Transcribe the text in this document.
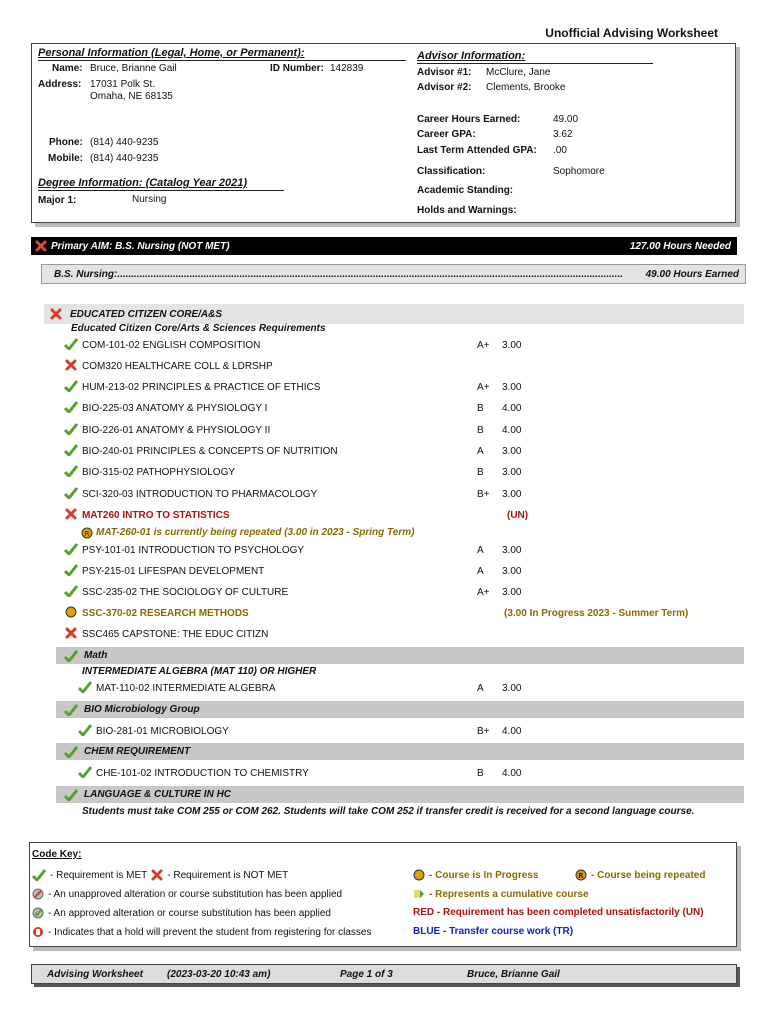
Unofficial Advising Worksheet
Personal Information (Legal, Home, or Permanent):
Name: Bruce, Brianne Gail	ID Number: 142839
Address: 17031 Polk St.
Omaha, NE 68135
Phone: (814) 440-9235
Mobile: (814) 440-9235
Degree Information: (Catalog Year 2021)
Major 1:	Nursing
Advisor Information:
Advisor #1: McClure, Jane
Advisor #2: Clements, Brooke
Career Hours Earned:	49.00
Career GPA:	3.62
Last Term Attended GPA: .00
Classification:	Sophomore
Academic Standing:
Holds and Warnings:
Primary AIM: B.S. Nursing (NOT MET)	127.00 Hours Needed
B.S. Nursing: ......................................................................................................................................................................................	49.00 Hours Earned
EDUCATED CITIZEN CORE/A&S
Educated Citizen Core/Arts & Sciences Requirements
COM-101-02 ENGLISH COMPOSITION	A+ 3.00
COM320 HEALTHCARE COLL & LDRSHP
HUM-213-02 PRINCIPLES & PRACTICE OF ETHICS	A+ 3.00
BIO-225-03 ANATOMY & PHYSIOLOGY I	B 4.00
BIO-226-01 ANATOMY & PHYSIOLOGY II	B 4.00
BIO-240-01 PRINCIPLES & CONCEPTS OF NUTRITION	A 3.00
BIO-315-02 PATHOPHYSIOLOGY	B 3.00
SCI-320-03 INTRODUCTION TO PHARMACOLOGY	B+ 3.00
MAT260 INTRO TO STATISTICS	(UN)
R MAT-260-01 is currently being repeated (3.00 in 2023 - Spring Term)
PSY-101-01 INTRODUCTION TO PSYCHOLOGY	A 3.00
PSY-215-01 LIFESPAN DEVELOPMENT	A 3.00
SSC-235-02 THE SOCIOLOGY OF CULTURE	A+ 3.00
SSC-370-02 RESEARCH METHODS	(3.00 In Progress 2023 - Summer Term)
SSC465 CAPSTONE: THE EDUC CITIZN
Math
INTERMEDIATE ALGEBRA (MAT 110) OR HIGHER
MAT-110-02 INTERMEDIATE ALGEBRA	A 3.00
BIO Microbiology Group
BIO-281-01 MICROBIOLOGY	B+ 4.00
CHEM REQUIREMENT
CHE-101-02 INTRODUCTION TO CHEMISTRY	B 4.00
LANGUAGE & CULTURE IN HC
Students must take COM 255 or COM 262. Students will take COM 252 if transfer credit is received for a second language course.
Code Key:
- Requirement is MET - Requirement is NOT MET
- An unapproved alteration or course substitution has been applied
- An approved alteration or course substitution has been applied
- Indicates that a hold will prevent the student from registering for classes
- Course is In Progress	R - Course being repeated
- Represents a cumulative course
RED - Requirement has been completed unsatisfactorily (UN)
BLUE - Transfer course work (TR)
Advising Worksheet (2023-03-20 10:43 am)	Page 1 of 3	Bruce, Brianne Gail
